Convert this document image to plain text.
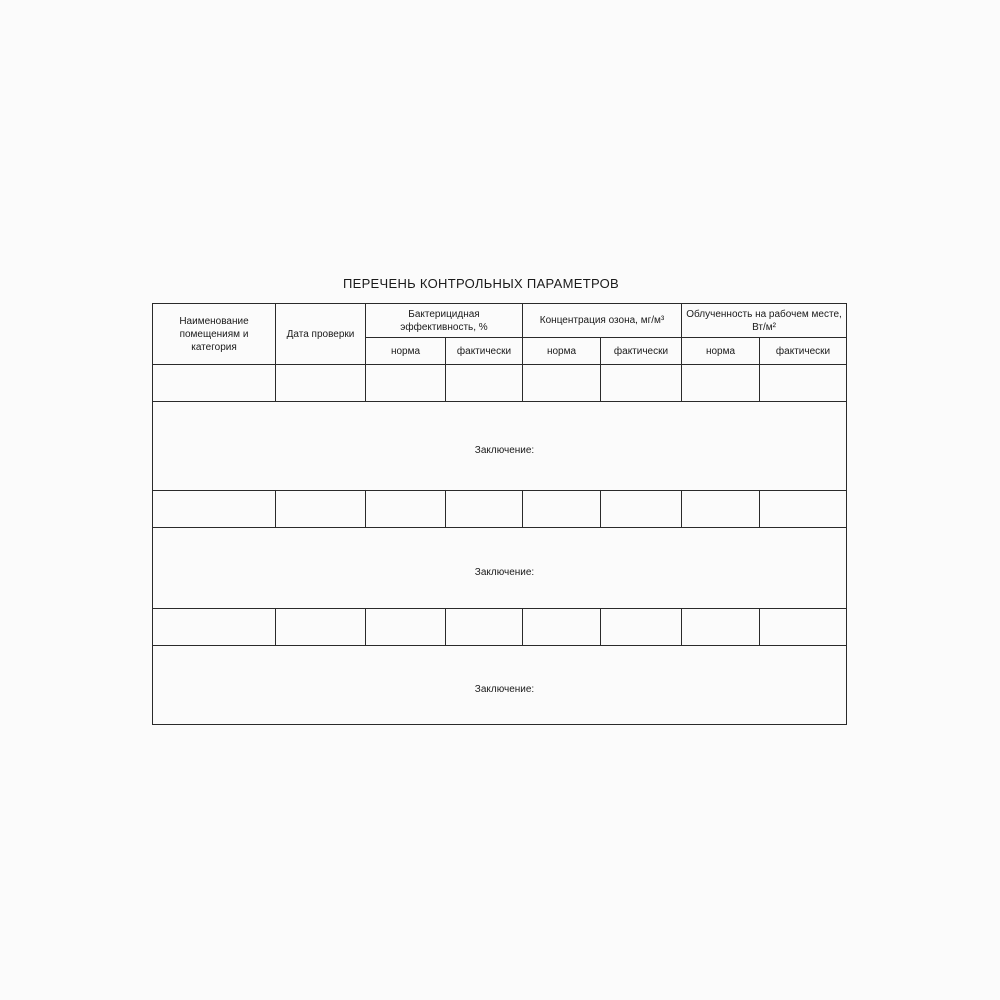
ПЕРЕЧЕНЬ КОНТРОЛЬНЫХ ПАРАМЕТРОВ
Наименование помещениям и категория	Дата проверки	Бактерицидная эффективность, %		Концентрация озона, мг/м³		Облученность на рабочем месте, Вт/м²	
		норма	фактически	норма	фактически	норма	фактически

Заключение:							

Заключение:							

Заключение:							
